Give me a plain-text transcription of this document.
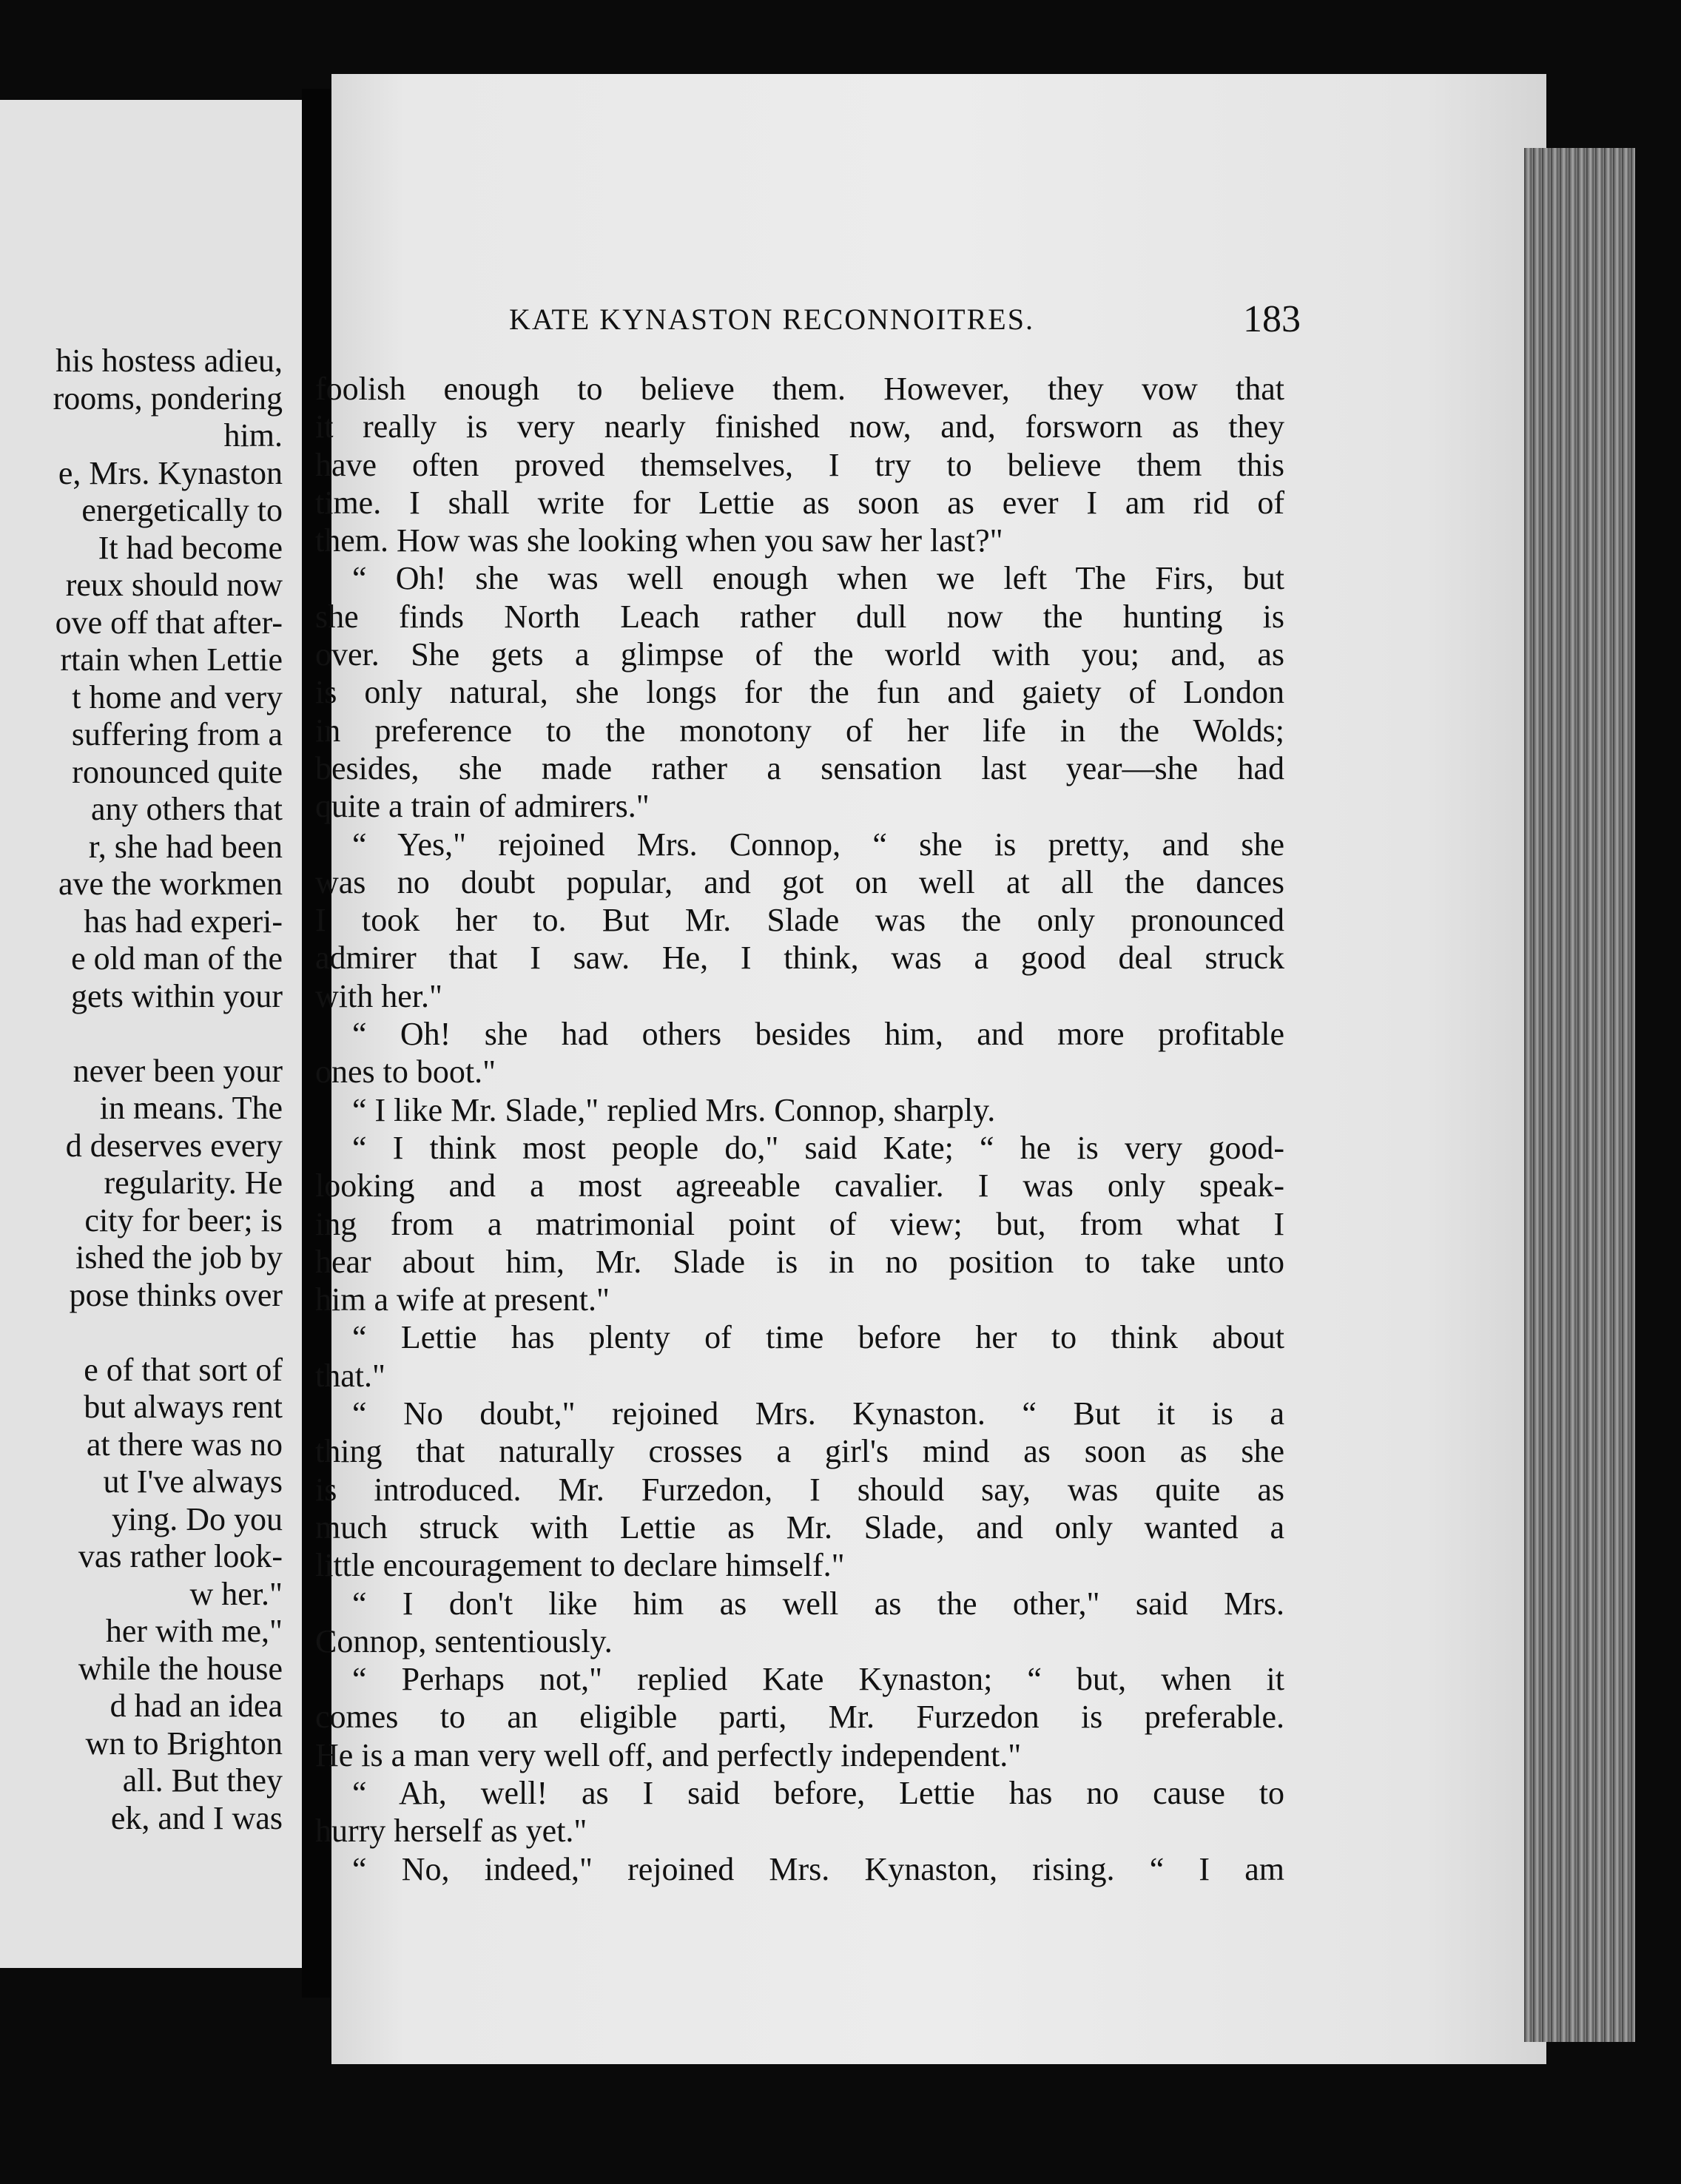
his hostess adieu,
rooms, pondering
him.
e, Mrs. Kynaston
energetically to
It had become
reux should now
ove off that after-
rtain when Lettie
t home and very
suffering from a
ronounced quite
any others that
r, she had been
ave the workmen
has had experi-
e old man of the
gets within your
never been your
in means. The
d deserves every
regularity. He
city for beer; is
ished the job by
pose thinks over
e of that sort of
but always rent
at there was no
ut I've always
ying. Do you
vas rather look-
w her."
her with me,"
while the house
d had an idea
wn to Brighton
all. But they
ek, and I was
KATE KYNASTON RECONNOITRES.	183
foolish enough to believe them. However, they vow that
it really is very nearly finished now, and, forsworn as they
have often proved themselves, I try to believe them this
time. I shall write for Lettie as soon as ever I am rid of
them. How was she looking when you saw her last?"
“ Oh! she was well enough when we left The Firs, but
she finds North Leach rather dull now the hunting is
over. She gets a glimpse of the world with you; and, as
is only natural, she longs for the fun and gaiety of London
in preference to the monotony of her life in the Wolds;
besides, she made rather a sensation last year—she had
quite a train of admirers."
“ Yes," rejoined Mrs. Connop, “ she is pretty, and she
was no doubt popular, and got on well at all the dances
I took her to. But Mr. Slade was the only pronounced
admirer that I saw. He, I think, was a good deal struck
with her."
“ Oh! she had others besides him, and more profitable
ones to boot."
“ I like Mr. Slade," replied Mrs. Connop, sharply.
“ I think most people do," said Kate; “ he is very good-
looking and a most agreeable cavalier. I was only speak-
ing from a matrimonial point of view; but, from what I
hear about him, Mr. Slade is in no position to take unto
him a wife at present."
“ Lettie has plenty of time before her to think about
that."
“ No doubt," rejoined Mrs. Kynaston. “ But it is a
thing that naturally crosses a girl's mind as soon as she
is introduced. Mr. Furzedon, I should say, was quite as
much struck with Lettie as Mr. Slade, and only wanted a
little encouragement to declare himself."
“ I don't like him as well as the other," said Mrs.
Connop, sententiously.
“ Perhaps not," replied Kate Kynaston; “ but, when it
comes to an eligible parti, Mr. Furzedon is preferable.
He is a man very well off, and perfectly independent."
“ Ah, well! as I said before, Lettie has no cause to
hurry herself as yet."
“ No, indeed," rejoined Mrs. Kynaston, rising. “ I am
